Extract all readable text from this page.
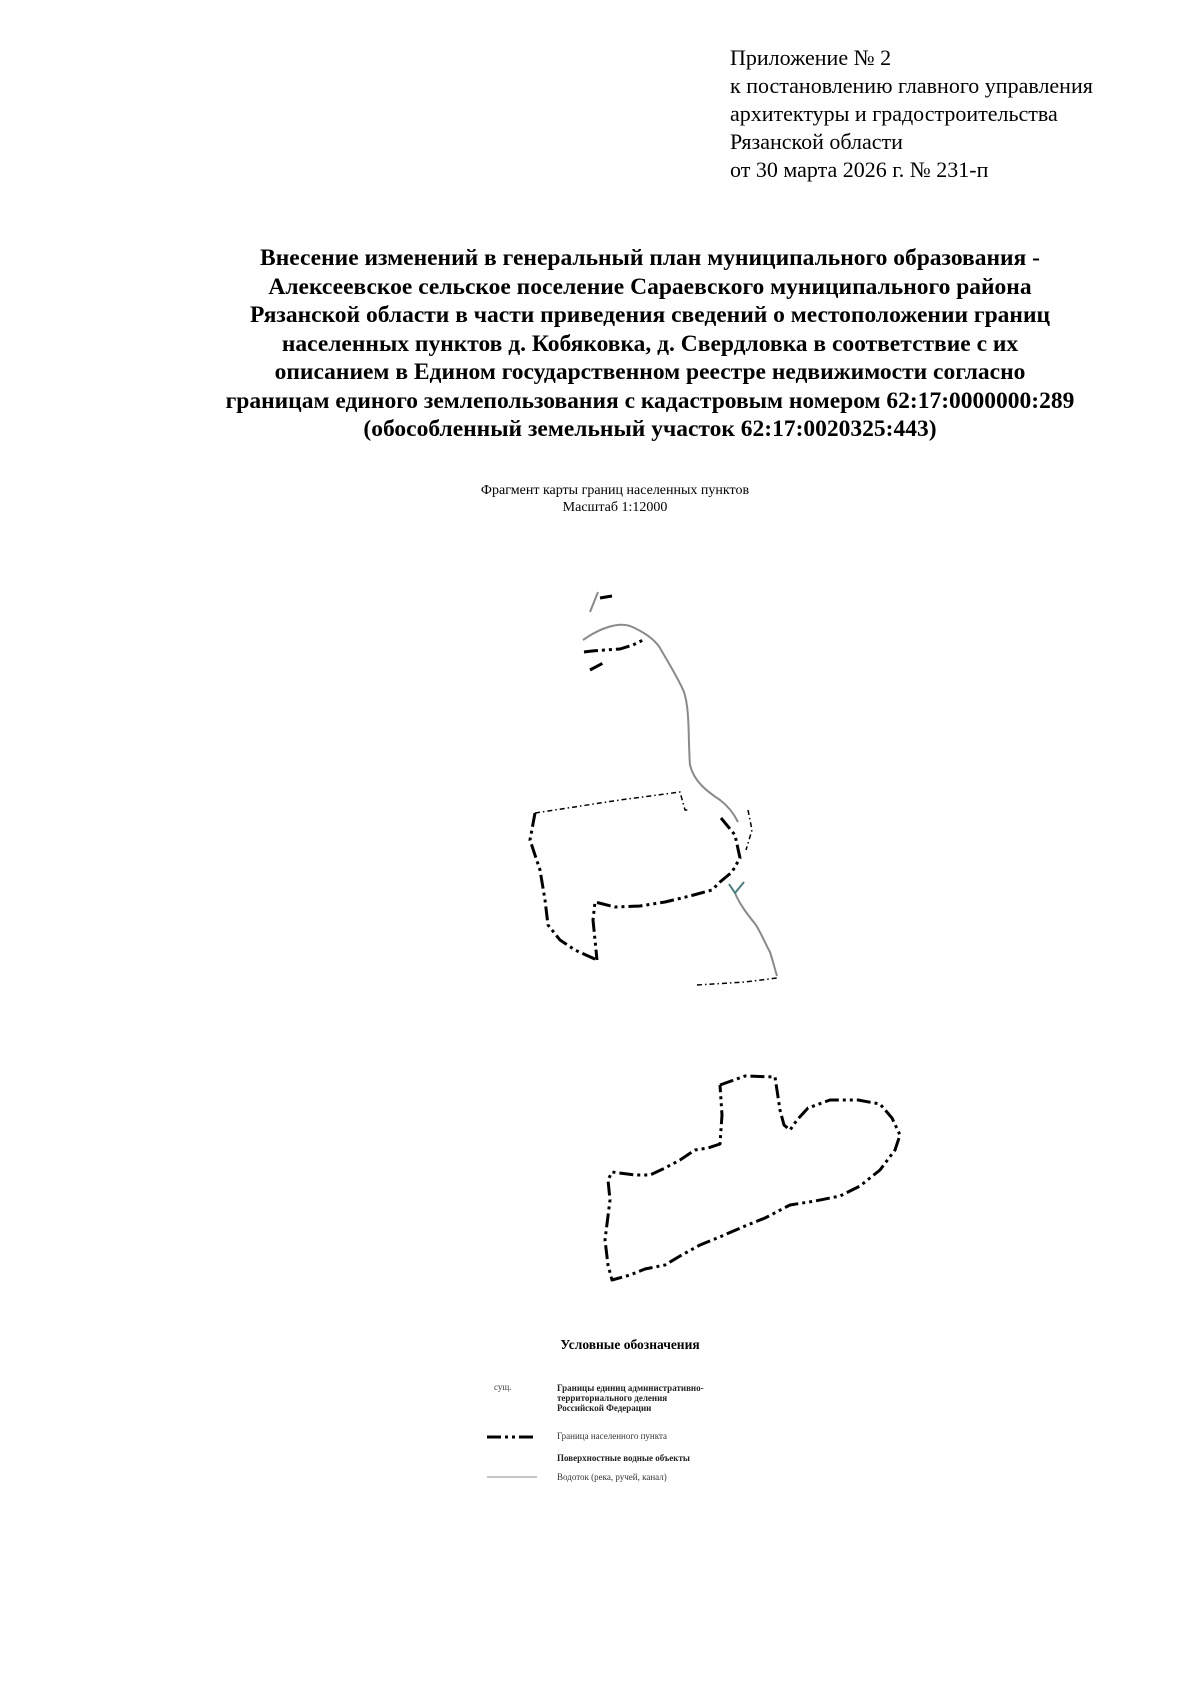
Приложение № 2
к постановлению главного управления
архитектуры и градостроительства
Рязанской области
от 30 марта 2026 г. № 231-п
Внесение изменений в генеральный план муниципального образования -
Алексеевское сельское поселение Сараевского муниципального района
Рязанской области в части приведения сведений о местоположении границ
населенных пунктов д. Кобяковка, д. Свердловка в соответствие с их
описанием в Едином государственном реестре недвижимости согласно
границам единого землепользования с кадастровым номером 62:17:0000000:289
(обособленный земельный участок 62:17:0020325:443)
Фрагмент карты границ населенных пунктов
Масштаб 1:12000
Условные обозначения
сущ.	Границы единиц административно-
территориального деления
Российской Федерации
Граница населенного пункта
Поверхностные водные объекты
Водоток (река, ручей, канал)
